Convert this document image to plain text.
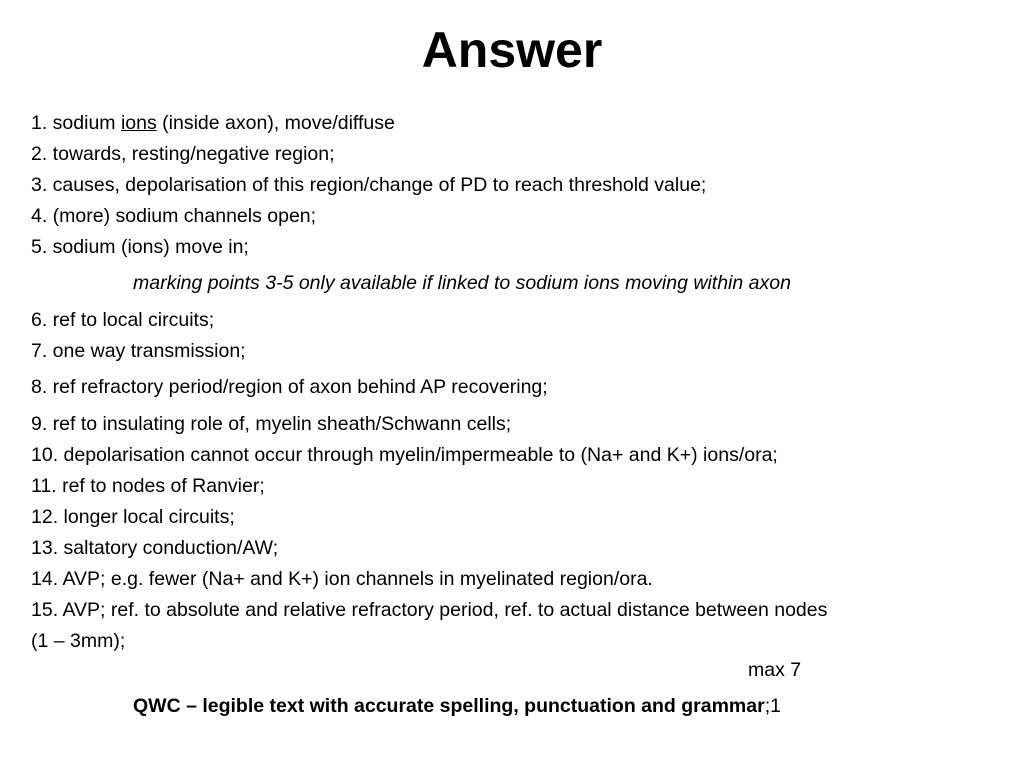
Answer
1. sodium ions (inside axon), move/diffuse
2. towards, resting/negative region;
3. causes, depolarisation of this region/change of PD to reach threshold value;
4. (more) sodium channels open;
5. sodium (ions) move in;
marking points 3-5 only available if linked to sodium ions moving within axon
6. ref to local circuits;
7. one way transmission;
8. ref refractory period/region of axon behind AP recovering;
9. ref to insulating role of, myelin sheath/Schwann cells;
10. depolarisation cannot occur through myelin/impermeable to (Na+ and K+) ions/ora;
11. ref to nodes of Ranvier;
12. longer local circuits;
13. saltatory conduction/AW;
14. AVP; e.g. fewer (Na+ and K+) ion channels in myelinated region/ora.
15. AVP; ref. to absolute and relative refractory period, ref. to actual distance between nodes
(1 – 3mm);
max 7
QWC – legible text with accurate spelling, punctuation and grammar;1
